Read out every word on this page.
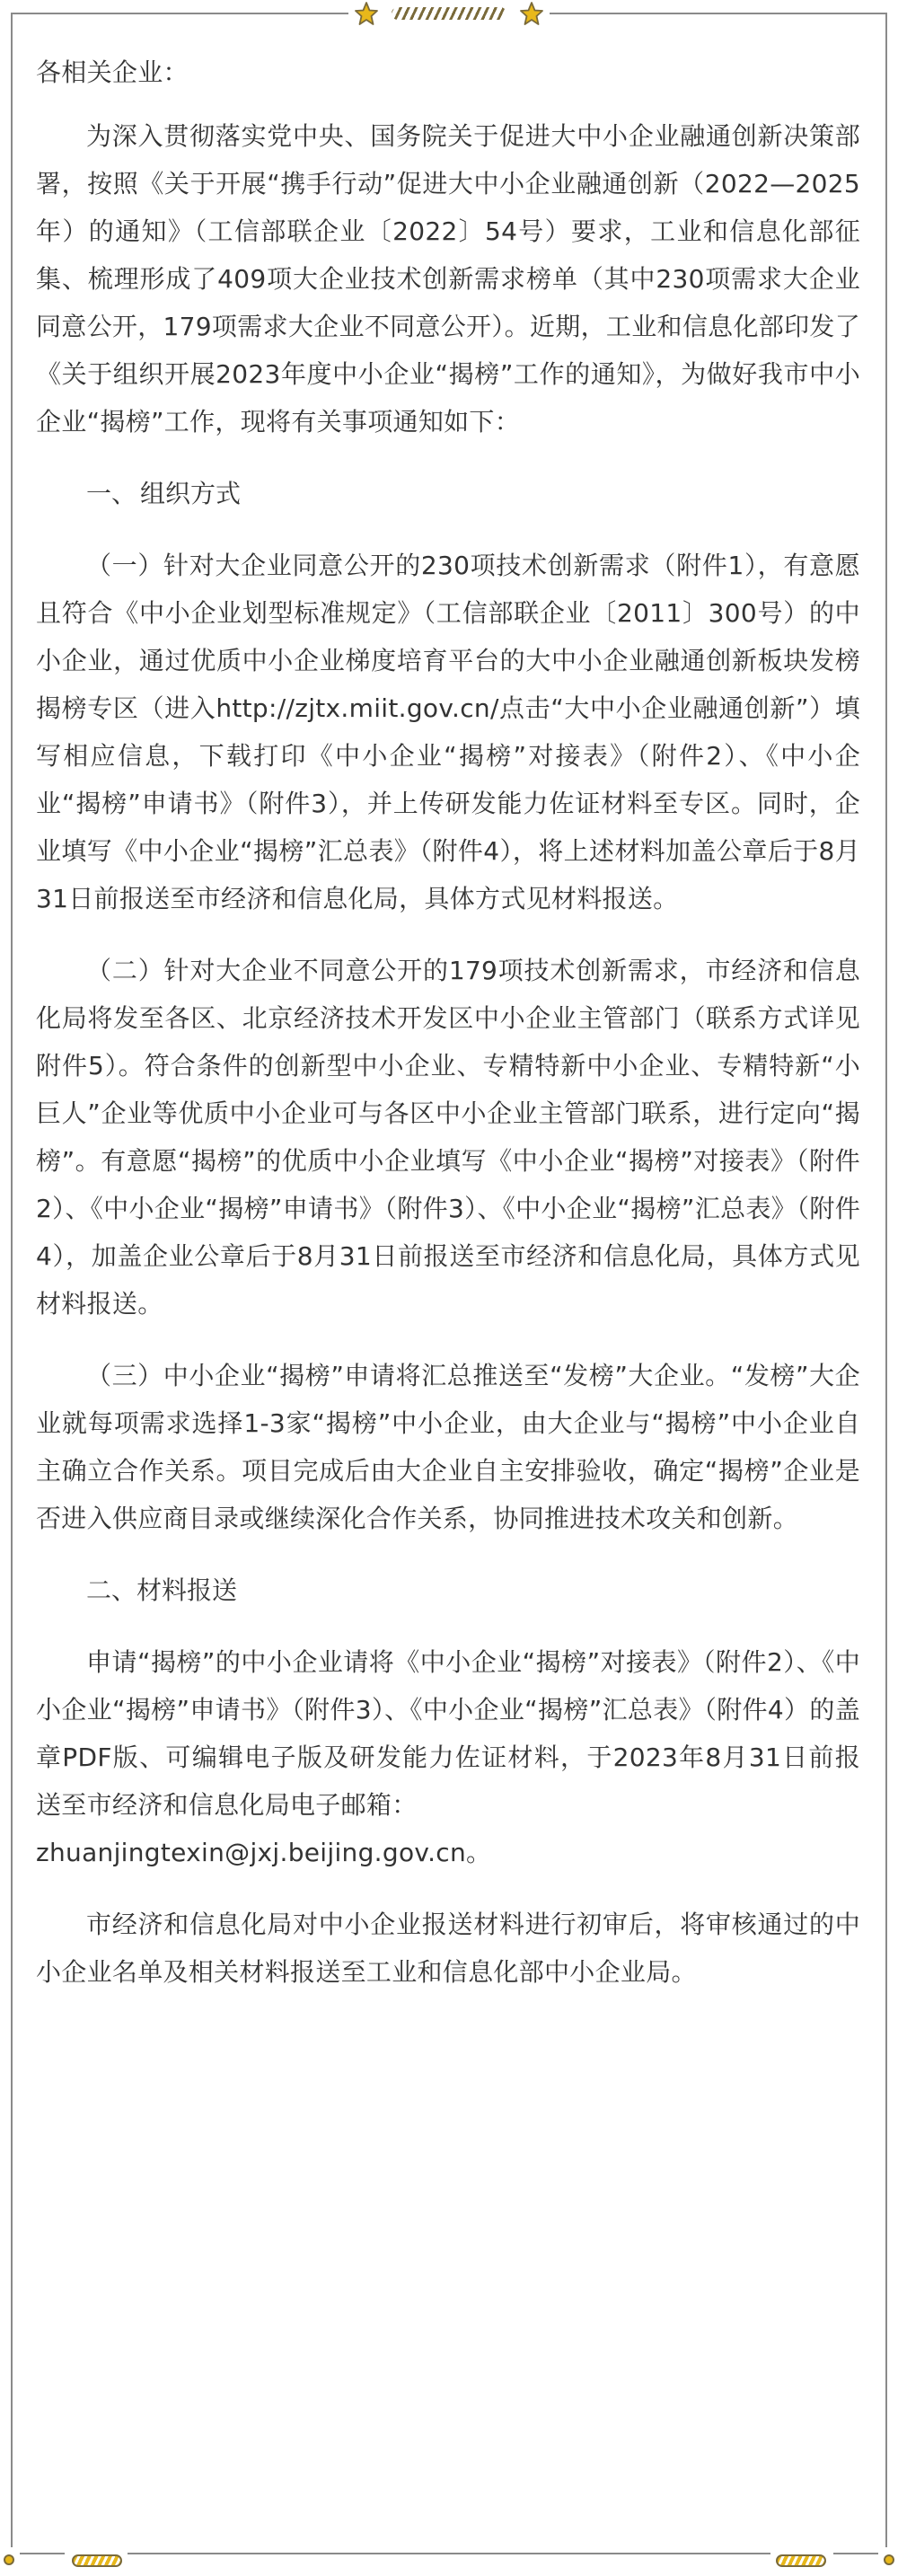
各相关企业：

为深入贯彻落实党中央、国务院关于促进大中小企业融通创新决策部署，按照《关于开展“携手行动”促进大中小企业融通创新（2022—2025年）的通知》（工信部联企业〔2022〕54号）要求，工业和信息化部征集、梳理形成了409项大企业技术创新需求榜单（其中230项需求大企业同意公开，179项需求大企业不同意公开）。近期，工业和信息化部印发了《关于组织开展2023年度中小企业“揭榜”工作的通知》，为做好我市中小企业“揭榜”工作，现将有关事项通知如下：

一、 组织方式

（一）针对大企业同意公开的230项技术创新需求（附件1），有意愿且符合《中小企业划型标准规定》（工信部联企业〔2011〕300号）的中小企业，通过优质中小企业梯度培育平台的大中小企业融通创新板块发榜揭榜专区（进入http://zjtx.miit.gov.cn/点击“大中小企业融通创新”）填写相应信息，下载打印《中小企业“揭榜”对接表》（附件2）、《中小企业“揭榜”申请书》（附件3），并上传研发能力佐证材料至专区。同时，企业填写《中小企业“揭榜”汇总表》（附件4），将上述材料加盖公章后于8月31日前报送至市经济和信息化局，具体方式见材料报送。

（二）针对大企业不同意公开的179项技术创新需求，市经济和信息化局将发至各区、北京经济技术开发区中小企业主管部门（联系方式详见附件5）。符合条件的创新型中小企业、专精特新中小企业、专精特新“小巨人”企业等优质中小企业可与各区中小企业主管部门联系，进行定向“揭榜”。有意愿“揭榜”的优质中小企业填写《中小企业“揭榜”对接表》（附件2）、《中小企业“揭榜”申请书》（附件3）、《中小企业“揭榜”汇总表》（附件4），加盖企业公章后于8月31日前报送至市经济和信息化局，具体方式见材料报送。

（三）中小企业“揭榜”申请将汇总推送至“发榜”大企业。“发榜”大企业就每项需求选择1-3家“揭榜”中小企业，由大企业与“揭榜”中小企业自主确立合作关系。项目完成后由大企业自主安排验收，确定“揭榜”企业是否进入供应商目录或继续深化合作关系，协同推进技术攻关和创新。

二、材料报送

申请“揭榜”的中小企业请将《中小企业“揭榜”对接表》（附件2）、《中小企业“揭榜”申请书》（附件3）、《中小企业“揭榜”汇总表》（附件4）的盖章PDF版、可编辑电子版及研发能力佐证材料，于2023年8月31日前报送至市经济和信息化局电子邮箱：

zhuanjingtexin@jxj.beijing.gov.cn。

市经济和信息化局对中小企业报送材料进行初审后，将审核通过的中小企业名单及相关材料报送至工业和信息化部中小企业局。
